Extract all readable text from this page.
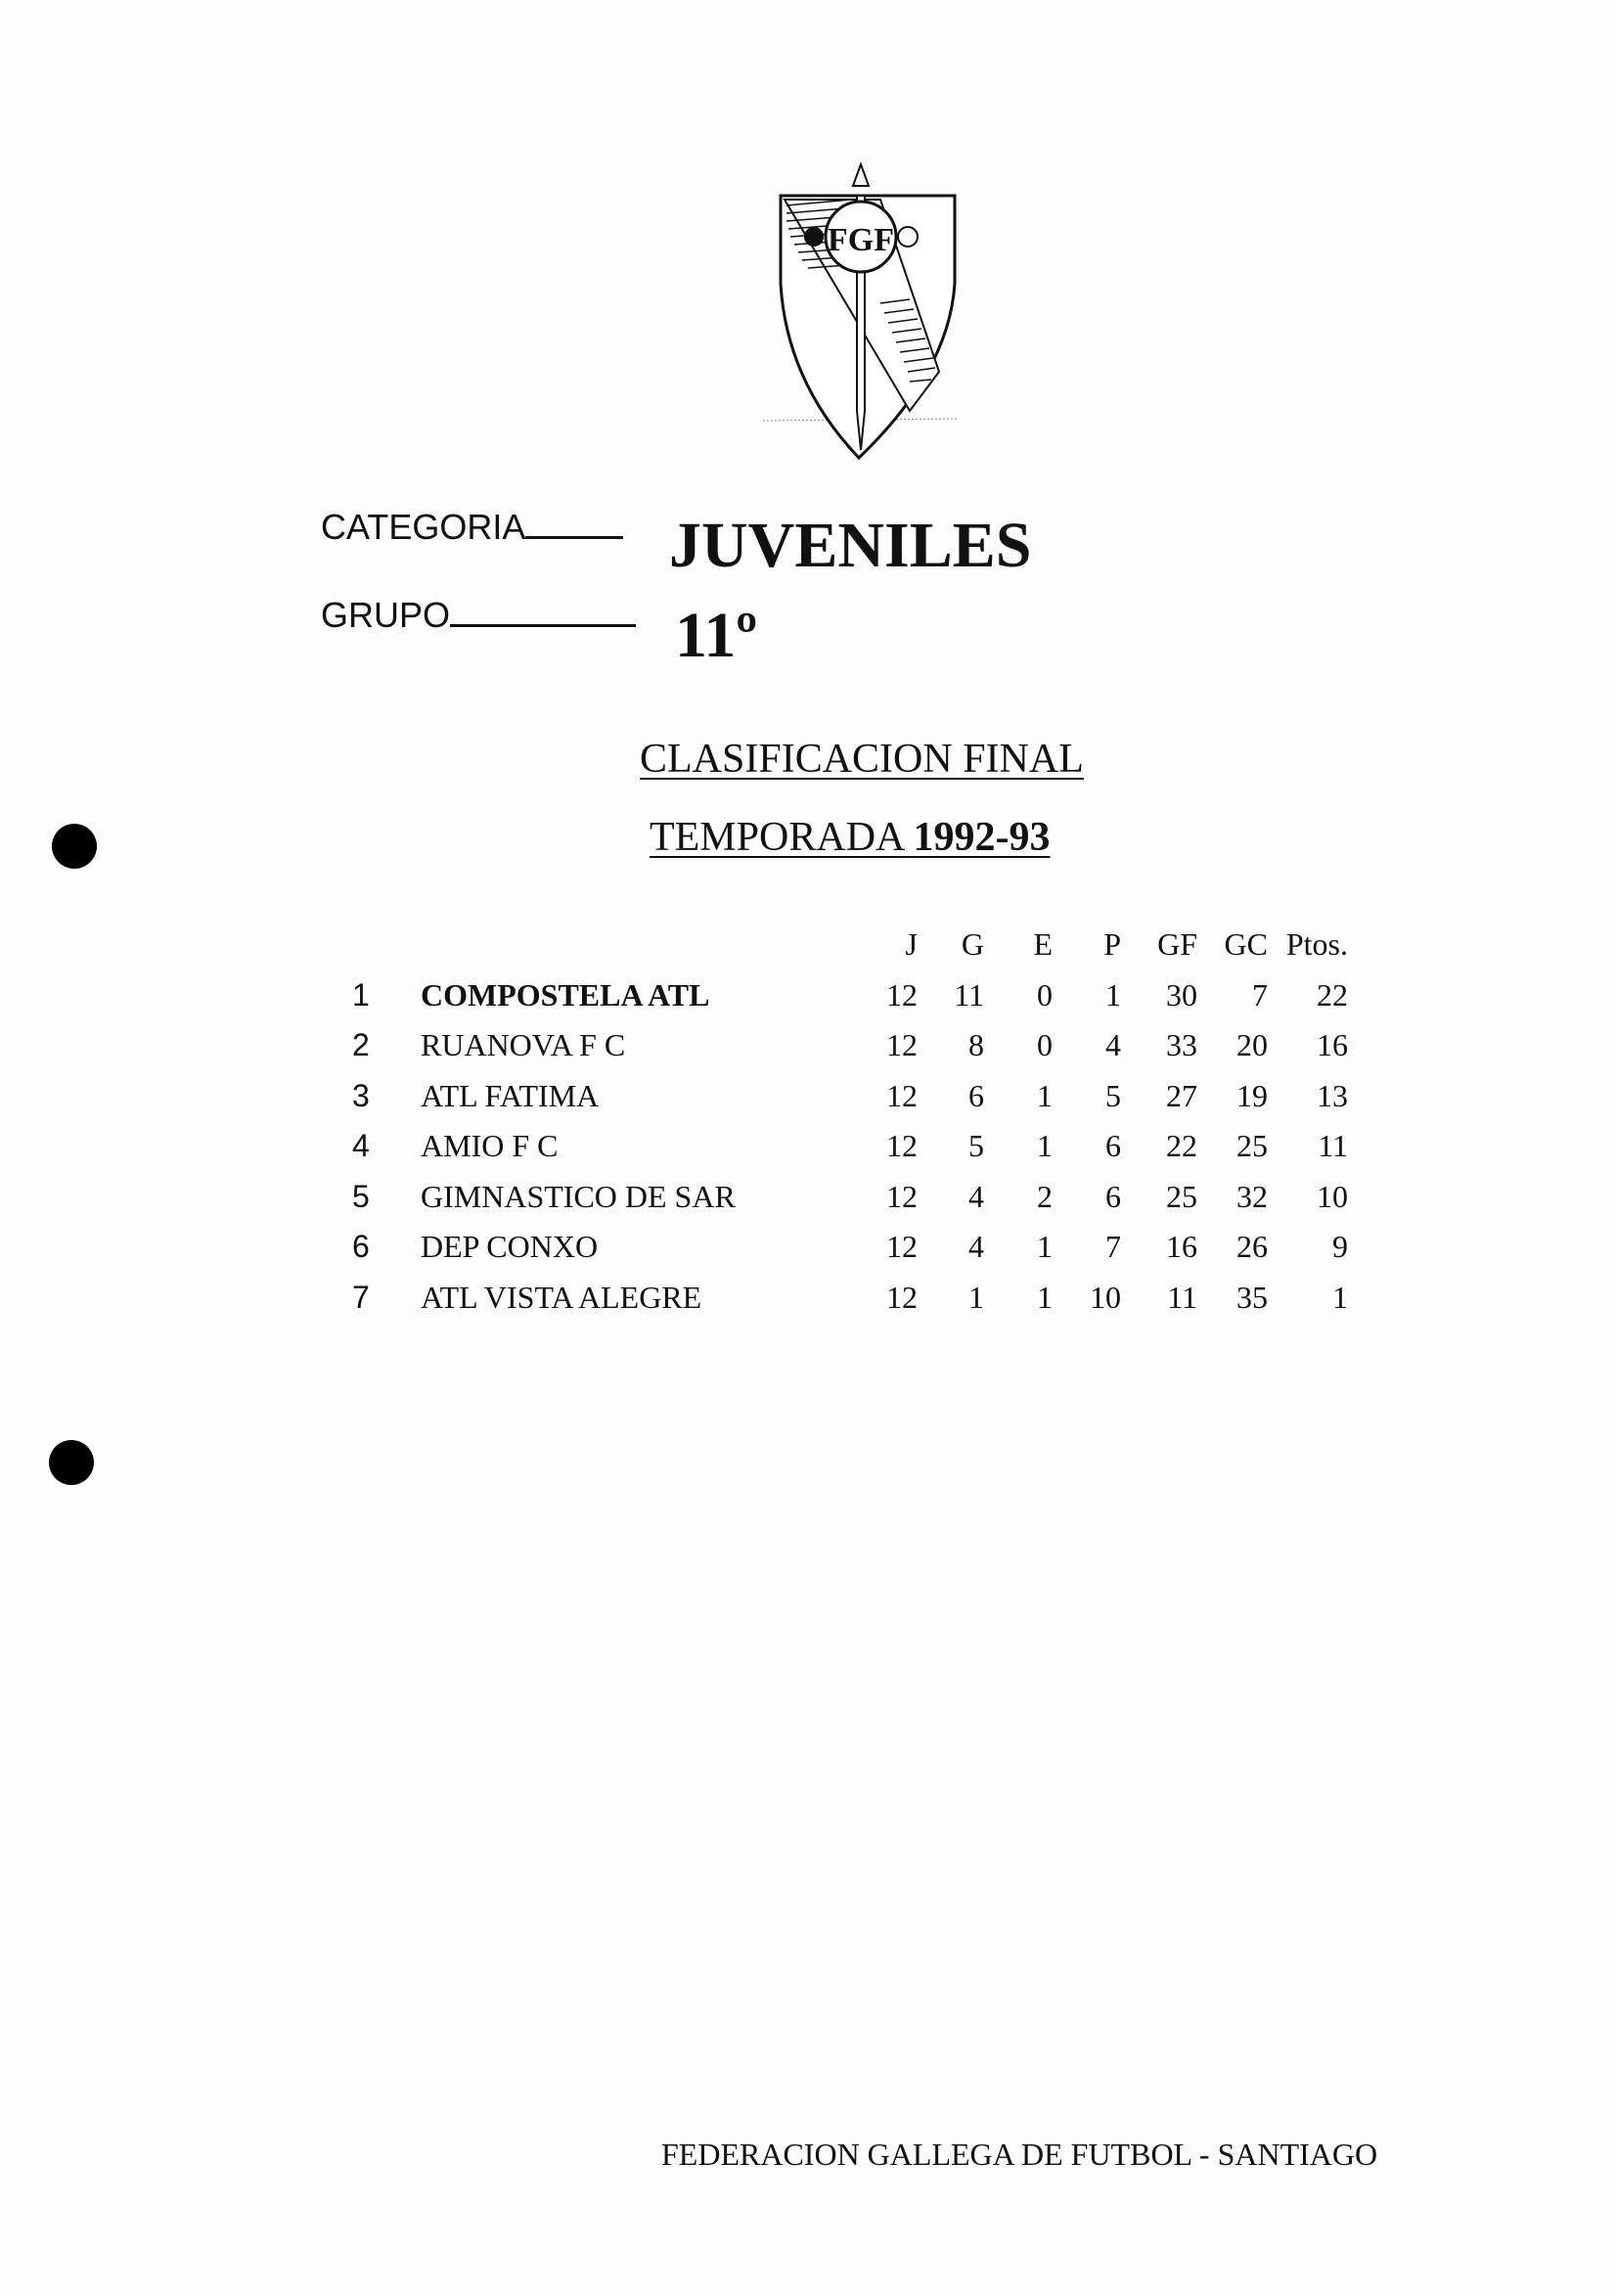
FGF
CATEGORIA	JUVENILES
GRUPO	11º
CLASIFICACION FINAL
TEMPORADA 1992-93
		J	G	E	P	GF	GC	Ptos.
1	COMPOSTELA ATL	12	11	0	1	30	7	22
2	RUANOVA F C	12	8	0	4	33	20	16
3	ATL FATIMA	12	6	1	5	27	19	13
4	AMIO F C	12	5	1	6	22	25	11
5	GIMNASTICO DE SAR	12	4	2	6	25	32	10
6	DEP CONXO	12	4	1	7	16	26	9
7	ATL VISTA ALEGRE	12	1	1	10	11	35	1
FEDERACION GALLEGA DE FUTBOL - SANTIAGO
